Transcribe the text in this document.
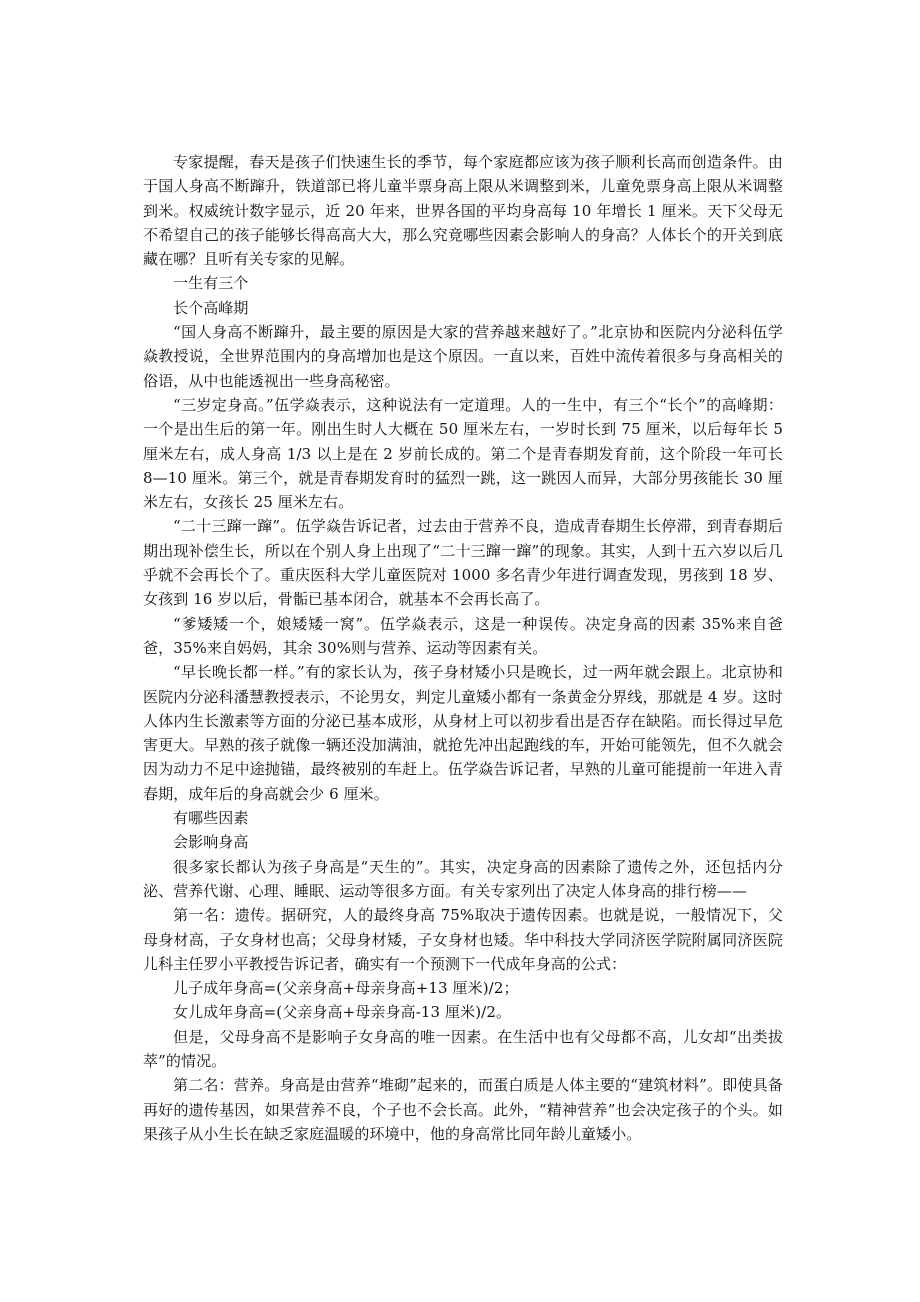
专家提醒，春天是孩子们快速生长的季节，每个家庭都应该为孩子顺利长高而创造条件。由于国人身高不断蹿升，铁道部已将儿童半票身高上限从米调整到米，儿童免票身高上限从米调整到米。权威统计数字显示，近 20 年来，世界各国的平均身高每 10 年增长 1 厘米。天下父母无不希望自己的孩子能够长得高高大大，那么究竟哪些因素会影响人的身高？人体长个的开关到底藏在哪？且听有关专家的见解。

一生有三个

长个高峰期

“国人身高不断蹿升，最主要的原因是大家的营养越来越好了。”北京协和医院内分泌科伍学焱教授说，全世界范围内的身高增加也是这个原因。一直以来，百姓中流传着很多与身高相关的俗语，从中也能透视出一些身高秘密。

“三岁定身高。”伍学焱表示，这种说法有一定道理。人的一生中，有三个“长个”的高峰期：一个是出生后的第一年。刚出生时人大概在 50 厘米左右，一岁时长到 75 厘米，以后每年长 5 厘米左右，成人身高 1/3 以上是在 2 岁前长成的。第二个是青春期发育前，这个阶段一年可长 8—10 厘米。第三个，就是青春期发育时的猛烈一跳，这一跳因人而异，大部分男孩能长 30 厘米左右，女孩长 25 厘米左右。

“二十三蹿一蹿”。伍学焱告诉记者，过去由于营养不良，造成青春期生长停滞，到青春期后期出现补偿生长，所以在个别人身上出现了“二十三蹿一蹿”的现象。其实，人到十五六岁以后几乎就不会再长个了。重庆医科大学儿童医院对 1000 多名青少年进行调查发现，男孩到 18 岁、女孩到 16 岁以后，骨骺已基本闭合，就基本不会再长高了。

“爹矮矮一个，娘矮矮一窝”。伍学焱表示，这是一种误传。决定身高的因素 35%来自爸爸，35%来自妈妈，其余 30%则与营养、运动等因素有关。

“早长晚长都一样。”有的家长认为，孩子身材矮小只是晚长，过一两年就会跟上。北京协和医院内分泌科潘慧教授表示，不论男女，判定儿童矮小都有一条黄金分界线，那就是 4 岁。这时人体内生长激素等方面的分泌已基本成形，从身材上可以初步看出是否存在缺陷。而长得过早危害更大。早熟的孩子就像一辆还没加满油，就抢先冲出起跑线的车，开始可能领先，但不久就会因为动力不足中途抛锚，最终被别的车赶上。伍学焱告诉记者，早熟的儿童可能提前一年进入青春期，成年后的身高就会少 6 厘米。

有哪些因素

会影响身高

很多家长都认为孩子身高是“天生的”。其实，决定身高的因素除了遗传之外，还包括内分泌、营养代谢、心理、睡眠、运动等很多方面。有关专家列出了决定人体身高的排行榜——

第一名：遗传。据研究，人的最终身高 75%取决于遗传因素。也就是说，一般情况下，父母身材高，子女身材也高；父母身材矮，子女身材也矮。华中科技大学同济医学院附属同济医院儿科主任罗小平教授告诉记者，确实有一个预测下一代成年身高的公式：

儿子成年身高=(父亲身高+母亲身高+13 厘米)/2；

女儿成年身高=(父亲身高+母亲身高-13 厘米)/2。

但是，父母身高不是影响子女身高的唯一因素。在生活中也有父母都不高，儿女却“出类拔萃”的情况。

第二名：营养。身高是由营养“堆砌”起来的，而蛋白质是人体主要的“建筑材料”。即使具备再好的遗传基因，如果营养不良，个子也不会长高。此外，“精神营养”也会决定孩子的个头。如果孩子从小生长在缺乏家庭温暖的环境中，他的身高常比同年龄儿童矮小。
